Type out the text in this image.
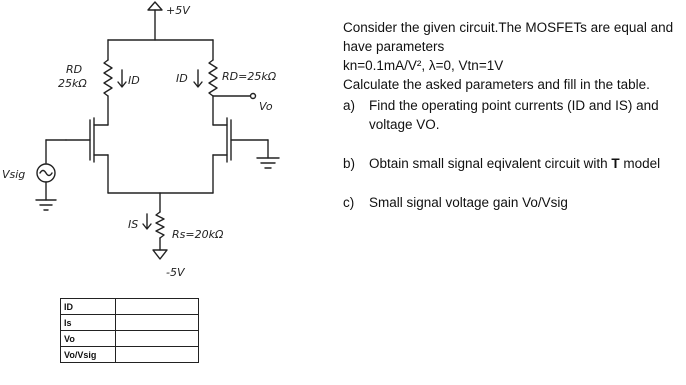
+5V
RD
25kΩ	ID	ID	RD=25kΩ
Vo
Vsig
IS
Rs=20kΩ
-5V
ID	
Is	
Vo	
Vo/Vsig	

Consider the given circuit.The MOSFETs are equal and have parameters

kn=0.1mA/V², λ=0, Vtn=1V

Calculate the asked parameters and fill in the table.

a)	Find the operating point currents (ID and IS) and voltage VO.
b)	Obtain small signal eqivalent circuit with T model
c)	Small signal voltage gain Vo/Vsig
